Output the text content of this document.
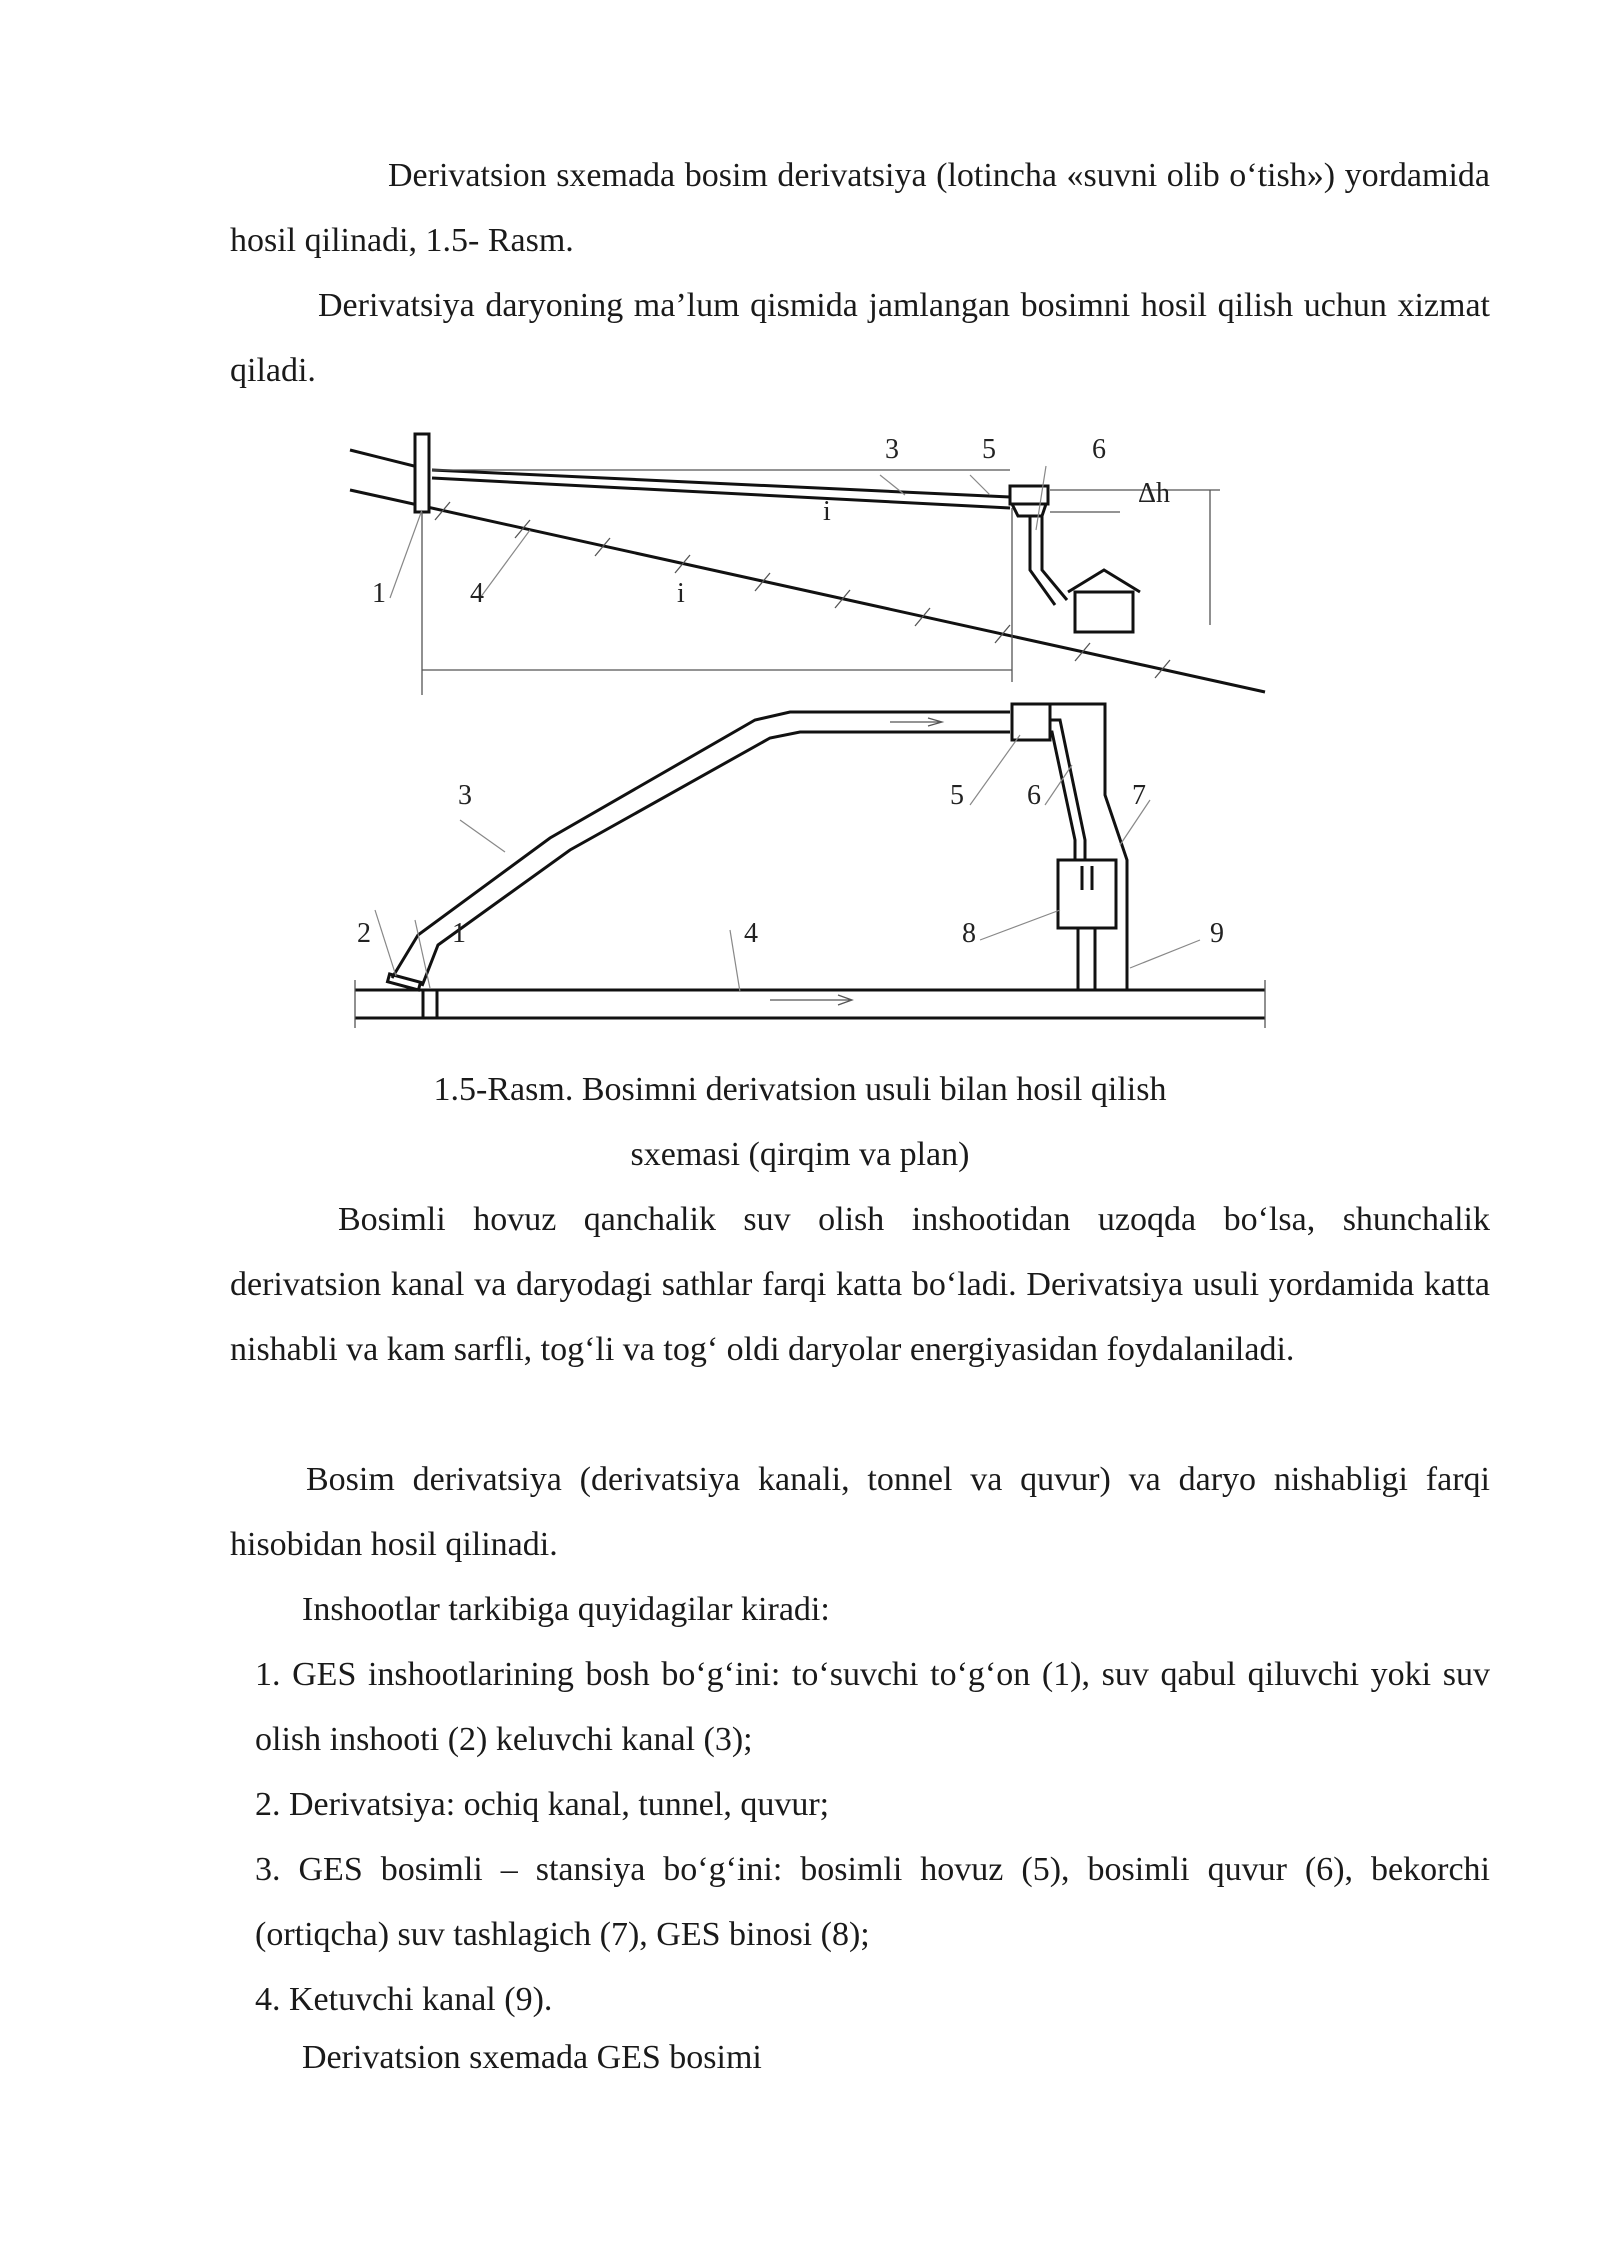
Derivatsion sxemada bosim derivatsiya (lotincha «suvni olib o‘tish») yordamida hosil qilinadi, 1.5- Rasm.

Derivatsiya daryoning ma’lum qismida jamlangan bosimni hosil qilish uchun xizmat qiladi.

1	4	i
3	5	6
Δh
i
3	5 6	7
2	1	4	8	9

1.5-Rasm. Bosimni derivatsion usuli bilan hosil qilish

sxemasi (qirqim va plan)

Bosimli hovuz qanchalik suv olish inshootidan uzoqda bo‘lsa, shunchalik derivatsion kanal va daryodagi sathlar farqi katta bo‘ladi. Derivatsiya usuli yordamida katta nishabli va kam sarfli, tog‘li va tog‘ oldi daryolar energiyasidan foydalaniladi.

Bosim derivatsiya (derivatsiya kanali, tonnel va quvur) va daryo nishabligi farqi hisobidan hosil qilinadi.

Inshootlar tarkibiga quyidagilar kiradi:

1. GES inshootlarining bosh bo‘g‘ini: to‘suvchi to‘g‘on (1), suv qabul qiluvchi yoki suv olish inshooti (2) keluvchi kanal (3);

2. Derivatsiya: ochiq kanal, tunnel, quvur;

3. GES bosimli – stansiya bo‘g‘ini: bosimli hovuz (5), bosimli quvur (6), bekorchi (ortiqcha) suv tashlagich (7), GES binosi (8);

4. Ketuvchi kanal (9).

Derivatsion sxemada GES bosimi
